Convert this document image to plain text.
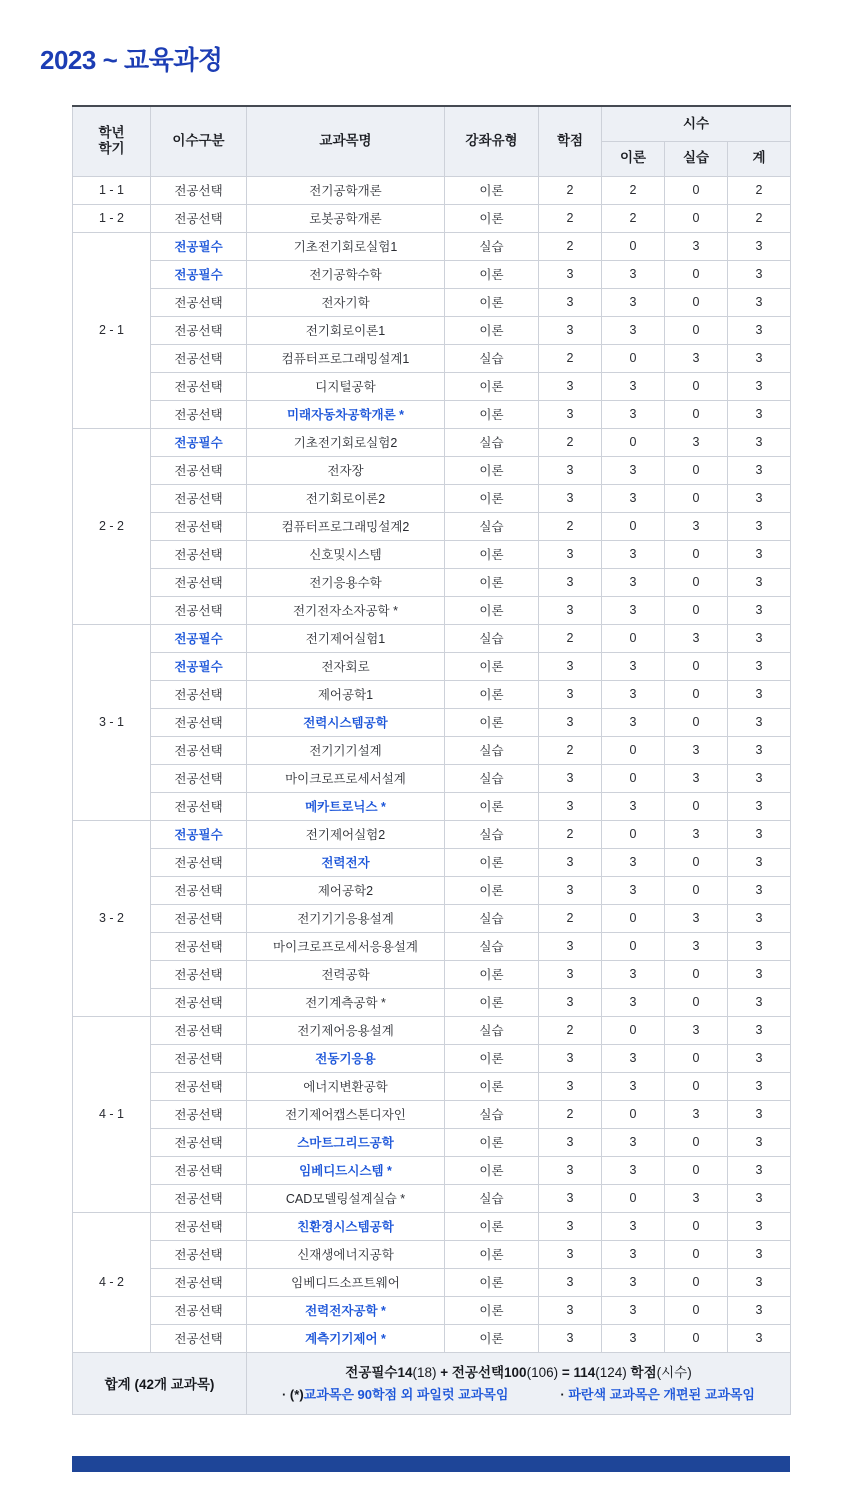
2023 ~ 교육과정
학년
학기	이수구분	교과목명	강좌유형	학점	시수		
					이론	실습	계
1 - 1	전공선택	전기공학개론	이론	2	2	0	2
1 - 2	전공선택	로봇공학개론	이론	2	2	0	2
2 - 1	전공필수	기초전기회로실험1	실습	2	0	3	3
	전공필수	전기공학수학	이론	3	3	0	3
	전공선택	전자기학	이론	3	3	0	3
	전공선택	전기회로이론1	이론	3	3	0	3
	전공선택	컴퓨터프로그래밍설계1	실습	2	0	3	3
	전공선택	디지털공학	이론	3	3	0	3
	전공선택	미래자동차공학개론 *	이론	3	3	0	3
2 - 2	전공필수	기초전기회로실험2	실습	2	0	3	3
	전공선택	전자장	이론	3	3	0	3
	전공선택	전기회로이론2	이론	3	3	0	3
	전공선택	컴퓨터프로그래밍설계2	실습	2	0	3	3
	전공선택	신호및시스템	이론	3	3	0	3
	전공선택	전기응용수학	이론	3	3	0	3
	전공선택	전기전자소자공학 *	이론	3	3	0	3
3 - 1	전공필수	전기제어실험1	실습	2	0	3	3
	전공필수	전자회로	이론	3	3	0	3
	전공선택	제어공학1	이론	3	3	0	3
	전공선택	전력시스템공학	이론	3	3	0	3
	전공선택	전기기기설계	실습	2	0	3	3
	전공선택	마이크로프로세서설계	실습	3	0	3	3
	전공선택	메카트로닉스 *	이론	3	3	0	3
3 - 2	전공필수	전기제어실험2	실습	2	0	3	3
	전공선택	전력전자	이론	3	3	0	3
	전공선택	제어공학2	이론	3	3	0	3
	전공선택	전기기기응용설계	실습	2	0	3	3
	전공선택	마이크로프로세서응용설계	실습	3	0	3	3
	전공선택	전력공학	이론	3	3	0	3
	전공선택	전기계측공학 *	이론	3	3	0	3
4 - 1	전공선택	전기제어응용설계	실습	2	0	3	3
	전공선택	전동기응용	이론	3	3	0	3
	전공선택	에너지변환공학	이론	3	3	0	3
	전공선택	전기제어캡스톤디자인	실습	2	0	3	3
	전공선택	스마트그리드공학	이론	3	3	0	3
	전공선택	임베디드시스템 *	이론	3	3	0	3
	전공선택	CAD모델링설계실습 *	실습	3	0	3	3
4 - 2	전공선택	친환경시스템공학	이론	3	3	0	3
	전공선택	신재생에너지공학	이론	3	3	0	3
	전공선택	임베디드소프트웨어	이론	3	3	0	3
	전공선택	전력전자공학 *	이론	3	3	0	3
	전공선택	계측기기제어 *	이론	3	3	0	3
합계 (42개 교과목)		전공필수14(18) + 전공선택100(106) = 114(124) 학점(시수)
· (*)교과목은 90학점 외 파일럿 교과목임 · 파란색 교과목은 개편된 교과목임					
